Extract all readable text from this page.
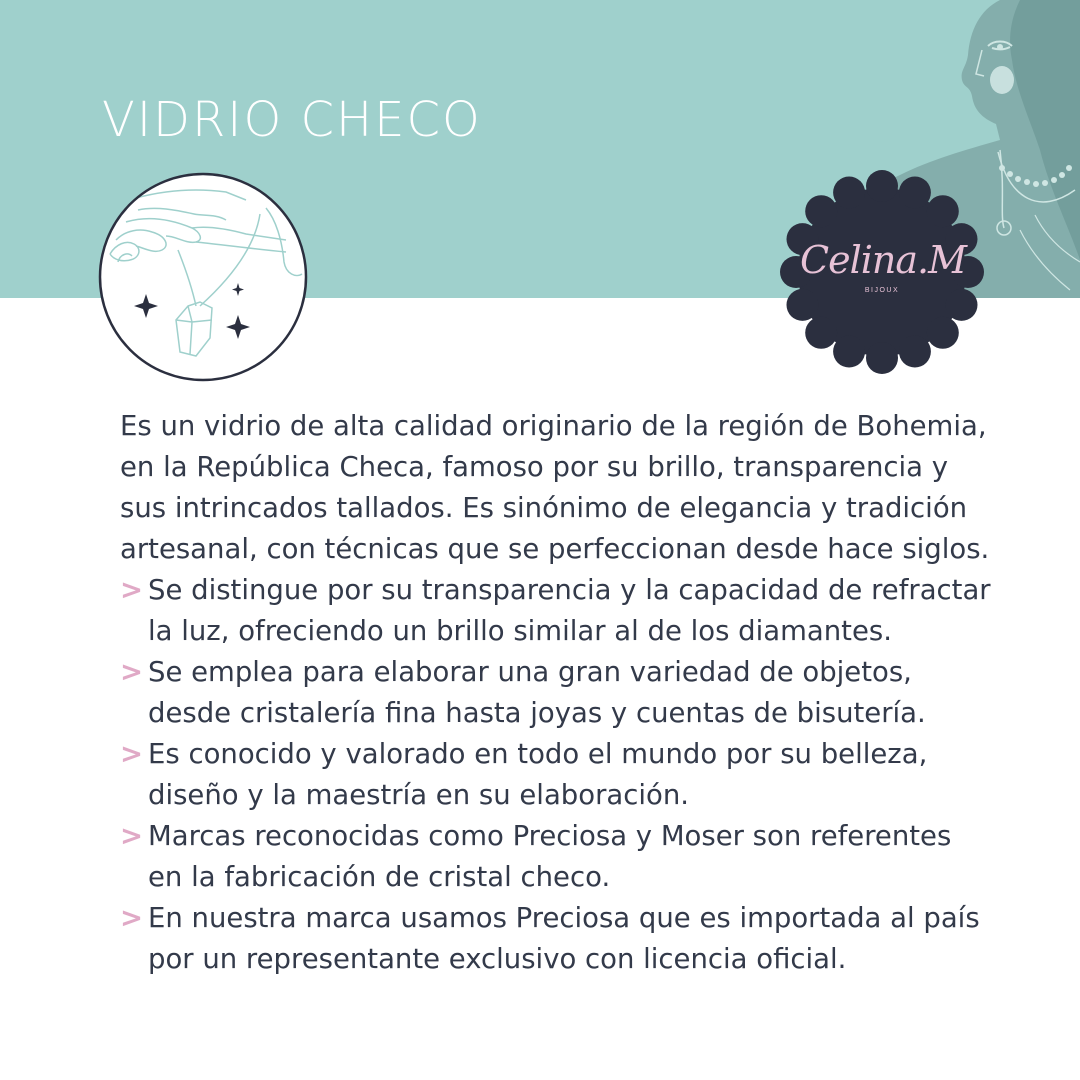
VIDRIO CHECO
Celina.M
BIJOUX

Es un vidrio de alta calidad originario de la región de Bohemia,
en la República Checa, famoso por su brillo, transparencia y
sus intrincados tallados. Es sinónimo de elegancia y tradición
artesanal, con técnicas que se perfeccionan desde hace siglos.

> Se distingue por su transparencia y la capacidad de refractar
la luz, ofreciendo un brillo similar al de los diamantes.
> Se emplea para elaborar una gran variedad de objetos,
desde cristalería fina hasta joyas y cuentas de bisutería.
> Es conocido y valorado en todo el mundo por su belleza,
diseño y la maestría en su elaboración.
> Marcas reconocidas como Preciosa y Moser son referentes
en la fabricación de cristal checo.
> En nuestra marca usamos Preciosa que es importada al país
por un representante exclusivo con licencia oficial.
